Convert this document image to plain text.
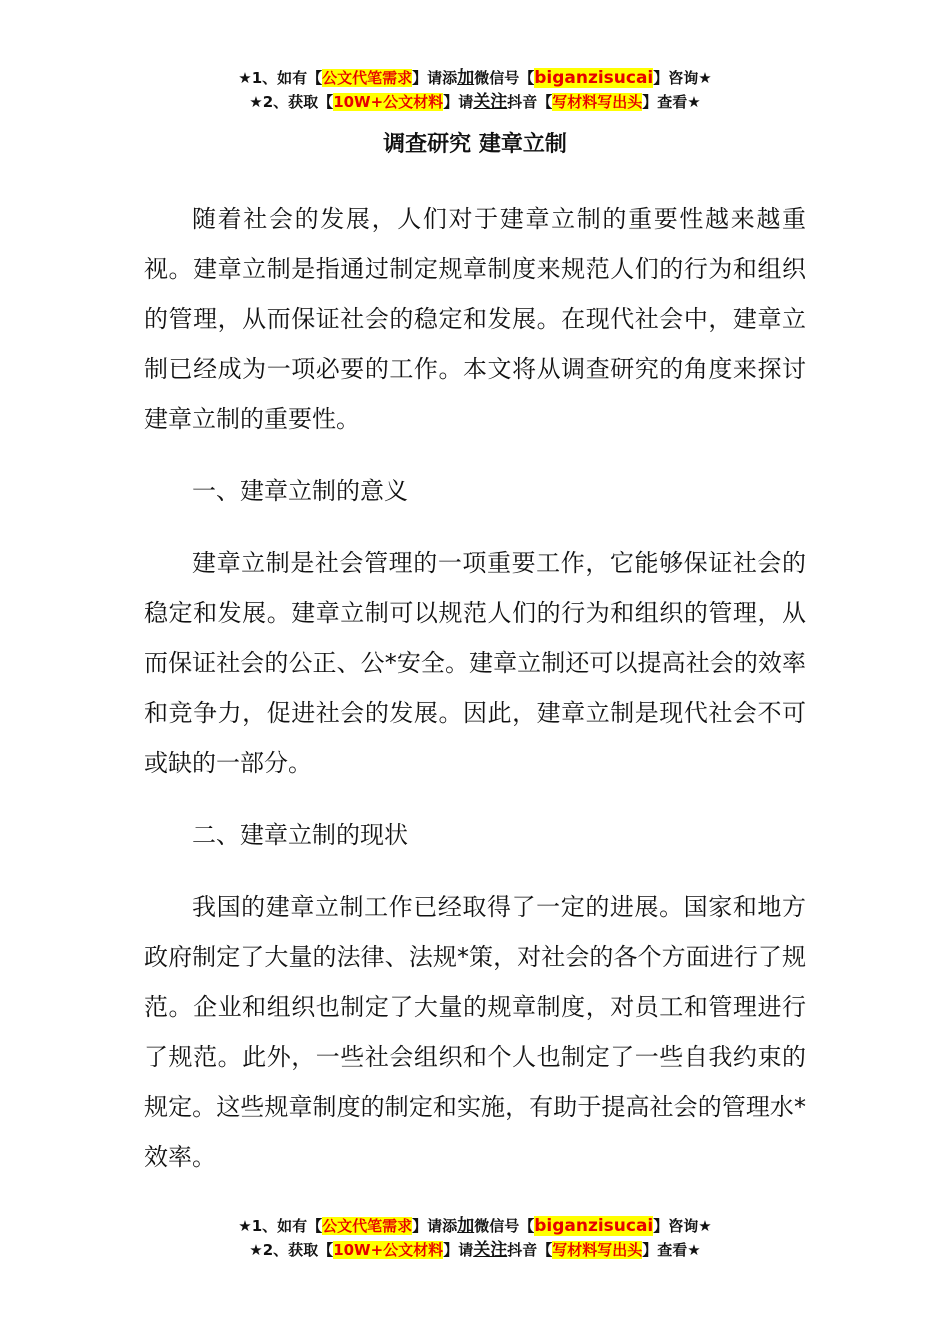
★1、如有【公文代笔需求】请添加微信号【biganzisucai】咨询★
★2、获取【10W+公文材料】请关注抖音【写材料写出头】查看★
调查研究 建章立制

随着社会的发展，人们对于建章立制的重要性越来越重视。建章立制是指通过制定规章制度来规范人们的行为和组织的管理，从而保证社会的稳定和发展。在现代社会中，建章立制已经成为一项必要的工作。本文将从调查研究的角度来探讨建章立制的重要性。

一、建章立制的意义

建章立制是社会管理的一项重要工作，它能够保证社会的稳定和发展。建章立制可以规范人们的行为和组织的管理，从而保证社会的公正、公*安全。建章立制还可以提高社会的效率和竞争力，促进社会的发展。因此，建章立制是现代社会不可或缺的一部分。

二、建章立制的现状

我国的建章立制工作已经取得了一定的进展。国家和地方政府制定了大量的法律、法规*策，对社会的各个方面进行了规范。企业和组织也制定了大量的规章制度，对员工和管理进行了规范。此外，一些社会组织和个人也制定了一些自我约束的规定。这些规章制度的制定和实施，有助于提高社会的管理水*效率。

★1、如有【公文代笔需求】请添加微信号【biganzisucai】咨询★
★2、获取【10W+公文材料】请关注抖音【写材料写出头】查看★
